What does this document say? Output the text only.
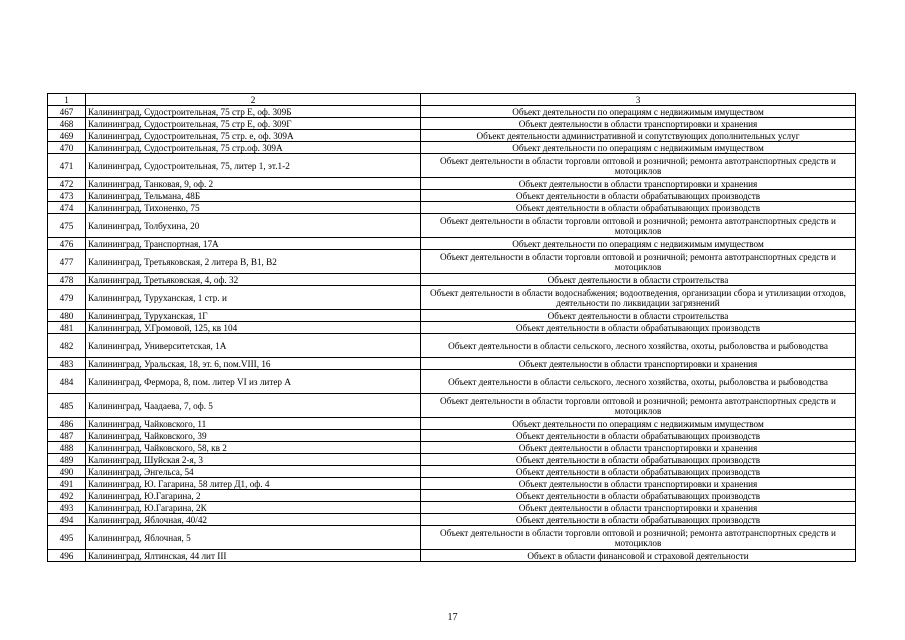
1	2	3
467	Калининград, Судостроительная, 75 стр Е, оф. 309Б	Объект деятельности по операциям с недвижимым имуществом
468	Калининград, Судостроительная, 75 стр Е, оф. 309Г	Объект деятельности в области транспортировки и хранения
469	Калининград, Судостроительная, 75 стр. е, оф. 309А	Объект деятельности административной и сопутствующих дополнительных услуг
470	Калининград, Судостроительная, 75 стр.оф. 309А	Объект деятельности по операциям с недвижимым имуществом
471	Калининград, Судостроительная, 75, литер 1, эт.1-2	Объект деятельности в области торговли оптовой и розничной; ремонта автотранспортных средств и мотоциклов
472	Калининград, Танковая, 9, оф. 2	Объект деятельности в области транспортировки и хранения
473	Калининград, Тельмана, 48Б	Объект деятельности в области обрабатывающих производств
474	Калининград, Тихоненко, 75	Объект деятельности в области обрабатывающих производств
475	Калининград, Толбухина, 20	Объект деятельности в области торговли оптовой и розничной; ремонта автотранспортных средств и мотоциклов
476	Калининград, Транспортная, 17А	Объект деятельности по операциям с недвижимым имуществом
477	Калининград, Третьяковская, 2 литера В, В1, В2	Объект деятельности в области торговли оптовой и розничной; ремонта автотранспортных средств и мотоциклов
478	Калининград, Третьяковская, 4, оф. 32	Объект деятельности в области строительства
479	Калининград, Туруханская, 1 стр. и	Объект деятельности в области водоснабжения; водоотведения, организации сбора и утилизации отходов, деятельности по ликвидации загрязнений
480	Калининград, Туруханская, 1Г	Объект деятельности в области строительства
481	Калининград, У.Громовой, 125, кв 104	Объект деятельности в области обрабатывающих производств
482	Калининград, Университетская, 1А	Объект деятельности в области сельского, лесного хозяйства, охоты, рыболовства и рыбоводства
483	Калининград, Уральская, 18, эт. 6, пом.VIII, 16	Объект деятельности в области транспортировки и хранения
484	Калининград, Фермора, 8, пом. литер VI из литер А	Объект деятельности в области сельского, лесного хозяйства, охоты, рыболовства и рыбоводства
485	Калининград, Чаадаева, 7, оф. 5	Объект деятельности в области торговли оптовой и розничной; ремонта автотранспортных средств и мотоциклов
486	Калининград, Чайковского, 11	Объект деятельности по операциям с недвижимым имуществом
487	Калининград, Чайковского, 39	Объект деятельности в области обрабатывающих производств
488	Калининград, Чайковского, 58, кв 2	Объект деятельности в области транспортировки и хранения
489	Калининград, Шуйская 2-я, 3	Объект деятельности в области обрабатывающих производств
490	Калининград, Энгельса, 54	Объект деятельности в области обрабатывающих производств
491	Калининград, Ю. Гагарина, 58 литер Д1, оф. 4	Объект деятельности в области транспортировки и хранения
492	Калининград, Ю.Гагарина, 2	Объект деятельности в области обрабатывающих производств
493	Калининград, Ю.Гагарина, 2К	Объект деятельности в области транспортировки и хранения
494	Калининград, Яблочная, 40/42	Объект деятельности в области обрабатывающих производств
495	Калининград, Яблочная, 5	Объект деятельности в области торговли оптовой и розничной; ремонта автотранспортных средств и мотоциклов
496	Калининград, Ялтинская, 44 лит III	Объект в области финансовой и страховой деятельности
17
